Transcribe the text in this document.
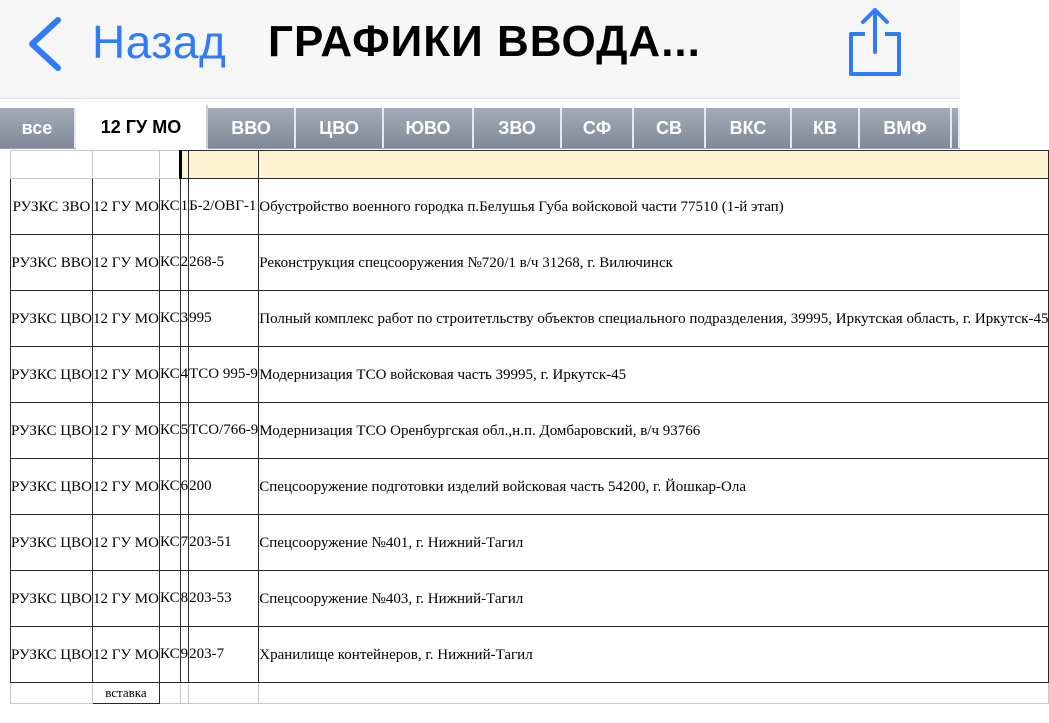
Назад ГРАФИКИ ВВОДА...
все	12 ГУ МО	ВВО	ЦВО	ЮВО	ЗВО	СФ	СВ	ВКС	КВ	ВМФ

РУЗКС ЗВО	12 ГУ МО	КС	1	Б-2/ОВГ-1	Обустройство военного городка п.Белушья Губа войсковой части 77510 (1-й этап)
РУЗКС ВВО	12 ГУ МО	КС	2	268-5	Реконструкция спецсооружения №720/1 в/ч 31268, г. Вилючинск
РУЗКС ЦВО	12 ГУ МО	КС	3	995	Полный комплекс работ по строитетльству объектов специального подразделения, 39995, Иркутская область, г. Иркутск-45
РУЗКС ЦВО	12 ГУ МО	КС	4	ТСО 995-9	Модернизация ТСО войсковая часть 39995, г. Иркутск-45
РУЗКС ЦВО	12 ГУ МО	КС	5	ТСО/766-9	Модернизация ТСО Оренбургская обл.,н.п. Домбаровский, в/ч 93766
РУЗКС ЦВО	12 ГУ МО	КС	6	200	Спецсооружение подготовки изделий войсковая часть 54200, г. Йошкар-Ола
РУЗКС ЦВО	12 ГУ МО	КС	7	203-51	Спецсооружение №401, г. Нижний-Тагил
РУЗКС ЦВО	12 ГУ МО	КС	8	203-53	Спецсооружение №403, г. Нижний-Тагил
РУЗКС ЦВО	12 ГУ МО	КС	9	203-7	Хранилище контейнеров, г. Нижний-Тагил
	вставка				
